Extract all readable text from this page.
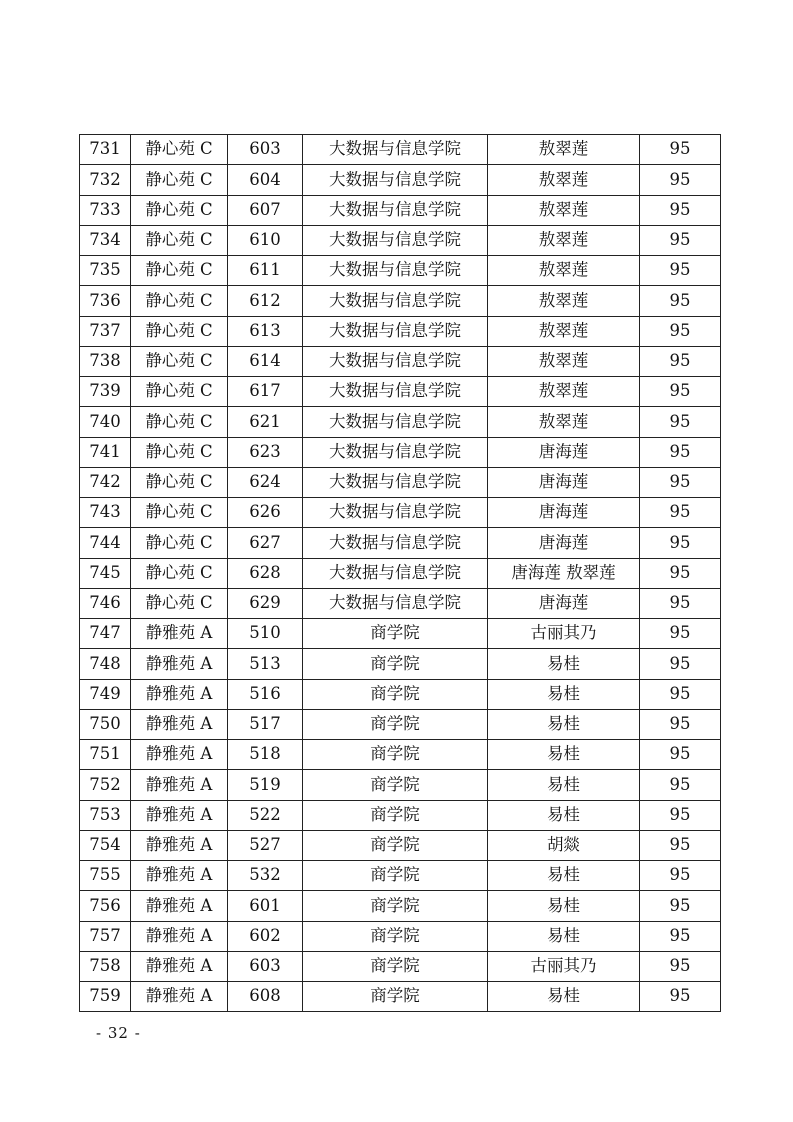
731	静心苑 C	603	大数据与信息学院	敖翠莲	95
732	静心苑 C	604	大数据与信息学院	敖翠莲	95
733	静心苑 C	607	大数据与信息学院	敖翠莲	95
734	静心苑 C	610	大数据与信息学院	敖翠莲	95
735	静心苑 C	611	大数据与信息学院	敖翠莲	95
736	静心苑 C	612	大数据与信息学院	敖翠莲	95
737	静心苑 C	613	大数据与信息学院	敖翠莲	95
738	静心苑 C	614	大数据与信息学院	敖翠莲	95
739	静心苑 C	617	大数据与信息学院	敖翠莲	95
740	静心苑 C	621	大数据与信息学院	敖翠莲	95
741	静心苑 C	623	大数据与信息学院	唐海莲	95
742	静心苑 C	624	大数据与信息学院	唐海莲	95
743	静心苑 C	626	大数据与信息学院	唐海莲	95
744	静心苑 C	627	大数据与信息学院	唐海莲	95
745	静心苑 C	628	大数据与信息学院	唐海莲 敖翠莲	95
746	静心苑 C	629	大数据与信息学院	唐海莲	95
747	静雅苑 A	510	商学院	古丽其乃	95
748	静雅苑 A	513	商学院	易桂	95
749	静雅苑 A	516	商学院	易桂	95
750	静雅苑 A	517	商学院	易桂	95
751	静雅苑 A	518	商学院	易桂	95
752	静雅苑 A	519	商学院	易桂	95
753	静雅苑 A	522	商学院	易桂	95
754	静雅苑 A	527	商学院	胡燚	95
755	静雅苑 A	532	商学院	易桂	95
756	静雅苑 A	601	商学院	易桂	95
757	静雅苑 A	602	商学院	易桂	95
758	静雅苑 A	603	商学院	古丽其乃	95
759	静雅苑 A	608	商学院	易桂	95
- 32 -
